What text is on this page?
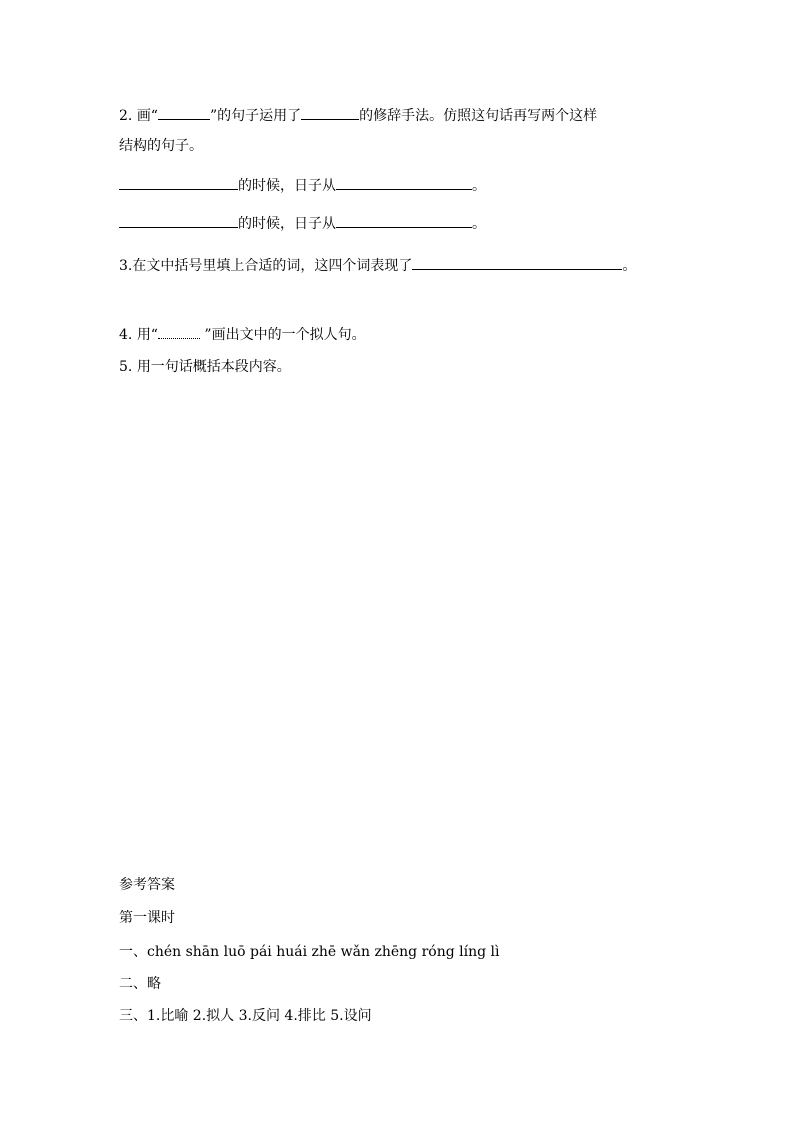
2. 画“	”的句子运用了	的修辞手法。仿照这句话再写两个这样
结构的句子。
的时候，日子从	。
的时候，日子从	。
3.在文中括号里填上合适的词，这四个词表现了	。
4. 用“	”画出文中的一个拟人句。
5. 用一句话概括本段内容。
参考答案
第一课时
一、chén shān luō pái huái zhē wǎn zhēng róng líng lì
二、略
三、1.比喻 2.拟人 3.反问 4.排比 5.设问
